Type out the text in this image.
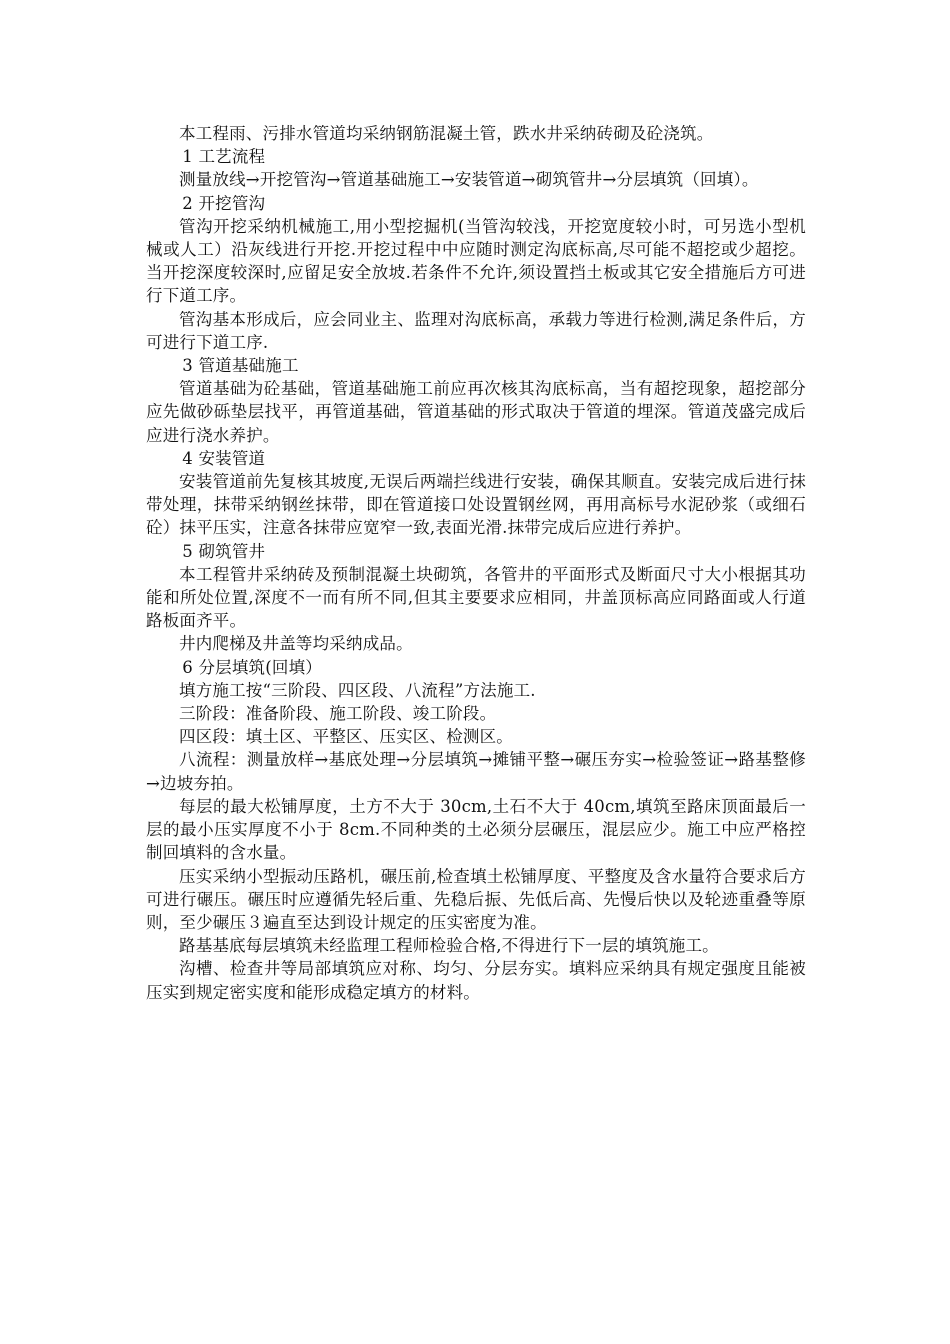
本工程雨、污排水管道均采纳钢筋混凝土管，跌水井采纳砖砌及砼浇筑。

1 工艺流程

测量放线→开挖管沟→管道基础施工→安装管道→砌筑管井→分层填筑（回填）。

2 开挖管沟

管沟开挖采纳机械施工,用小型挖掘机(当管沟较浅，开挖宽度较小时，可另选小型机械或人工）沿灰线进行开挖.开挖过程中中应随时测定沟底标高,尽可能不超挖或少超挖。当开挖深度较深时,应留足安全放坡.若条件不允许,须设置挡土板或其它安全措施后方可进行下道工序。

管沟基本形成后，应会同业主、监理对沟底标高，承载力等进行检测,满足条件后，方可进行下道工序.

3 管道基础施工

管道基础为砼基础，管道基础施工前应再次核其沟底标高，当有超挖现象，超挖部分应先做砂砾垫层找平，再管道基础，管道基础的形式取决于管道的埋深。管道茂盛完成后应进行浇水养护。

4 安装管道

安装管道前先复核其坡度,无误后两端拦线进行安装，确保其顺直。安装完成后进行抹带处理，抹带采纳钢丝抹带，即在管道接口处设置钢丝网，再用高标号水泥砂浆（或细石砼）抹平压实，注意各抹带应宽窄一致,表面光滑.抹带完成后应进行养护。

5 砌筑管井

本工程管井采纳砖及预制混凝土块砌筑，各管井的平面形式及断面尺寸大小根据其功能和所处位置,深度不一而有所不同,但其主要要求应相同，井盖顶标高应同路面或人行道路板面齐平。

井内爬梯及井盖等均采纳成品。

6 分层填筑(回填）

填方施工按“三阶段、四区段、八流程”方法施工.

三阶段：准备阶段、施工阶段、竣工阶段。

四区段：填土区、平整区、压实区、检测区。

八流程：测量放样→基底处理→分层填筑→摊铺平整→碾压夯实→检验签证→路基整修→边坡夯拍。

每层的最大松铺厚度，土方不大于 30cm,土石不大于 40cm,填筑至路床顶面最后一层的最小压实厚度不小于 8cm.不同种类的土必须分层碾压，混层应少。施工中应严格控制回填料的含水量。

压实采纳小型振动压路机，碾压前,检查填土松铺厚度、平整度及含水量符合要求后方可进行碾压。碾压时应遵循先轻后重、先稳后振、先低后高、先慢后快以及轮迹重叠等原则，至少碾压３遍直至达到设计规定的压实密度为准。

路基基底每层填筑未经监理工程师检验合格,不得进行下一层的填筑施工。

沟槽、检查井等局部填筑应对称、均匀、分层夯实。填料应采纳具有规定强度且能被压实到规定密实度和能形成稳定填方的材料。
